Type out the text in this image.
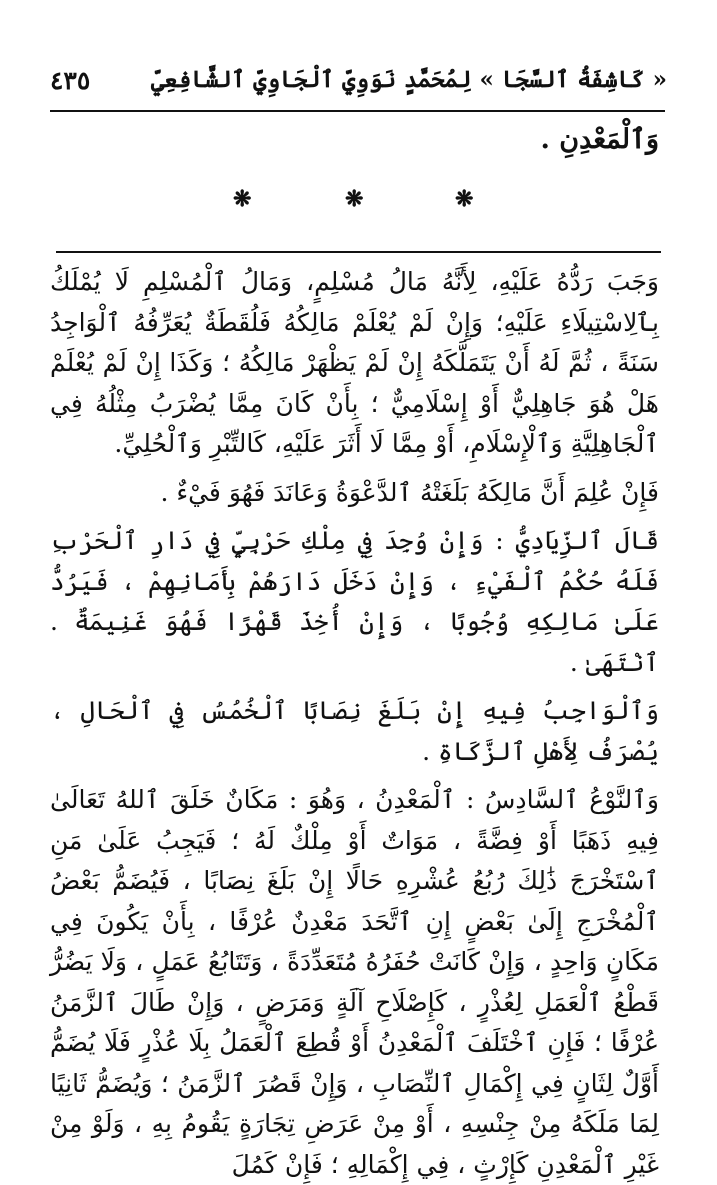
« كَاشِفَةُ ٱلسَّجَا » لِمُحَمَّدٍ نَوَوِيِّ ٱلْجَاوِيِّ ٱلشَّافِعِيِّ
٤٣٥
وَٱلْمَعْدِنِ .
❋	❋	❋

وَجَبَ رَدُّهُ عَلَيْهِ، لِأَنَّهُ مَالُ مُسْلِمٍ، وَمَالُ ٱلْمُسْلِمِ لَا يُمْلَكُ بِٱلِاسْتِيلَاءِ عَلَيْهِ؛ وَإِنْ لَمْ يُعْلَمْ مَالِكُهُ فَلُقَطَةٌ يُعَرِّفُهُ ٱلْوَاجِدُ سَنَةً ، ثُمَّ لَهُ أَنْ يَتَمَلَّكَهُ إِنْ لَمْ يَظْهَرْ مَالِكُهُ ؛ وَكَذَا إِنْ لَمْ يُعْلَمْ هَلْ هُوَ جَاهِلِيٌّ أَوْ إِسْلَامِيٌّ ؛ بِأَنْ كَانَ مِمَّا يُضْرَبُ مِثْلُهُ فِي ٱلْجَاهِلِيَّةِ وَٱلْإِسْلَامِ، أَوْ مِمَّا لَا أَثَرَ عَلَيْهِ، كَالتِّبْرِ وَٱلْحُلِيِّ.

فَإِنْ عُلِمَ أَنَّ مَالِكَهُ بَلَغَتْهُ ٱلدَّعْوَةُ وَعَانَدَ فَهُوَ فَيْءٌ .

قَالَ ٱلزِّيَادِيُّ : وَإِنْ وُجِدَ فِي مِلْكِ حَرْبِيٍّ فِي دَارِ ٱلْحَرْبِ فَلَهُ حُكْمُ ٱلْفَيْءِ ، وَإِنْ دَخَلَ دَارَهُمْ بِأَمَانِهِمْ ، فَيَرُدُّ عَلَىٰ مَالِكِهِ وُجُوبًا ، وَإِنْ أُخِذَ قَهْرًا فَهُوَ غَنِيمَةٌ . ٱنْتَهَىٰ .

وَٱلْوَاجِبُ فِيهِ إِنْ بَلَغَ نِصَابًا ٱلْخُمُسُ فِي ٱلْحَالِ ، يُصْرَفُ لِأَهْلِ ٱلزَّكَاةِ .

وَٱلنَّوْعُ ٱلسَّادِسُ : ٱلْمَعْدِنُ ، وَهُوَ : مَكَانٌ خَلَقَ ٱللهُ تَعَالَىٰ فِيهِ ذَهَبًا أَوْ فِضَّةً ، مَوَاتٌ أَوْ مِلْكٌ لَهُ ؛ فَيَجِبُ عَلَىٰ مَنِ ٱسْتَخْرَجَ ذَٰلِكَ رُبُعُ عُشْرِهِ حَالًا إِنْ بَلَغَ نِصَابًا ، فَيُضَمُّ بَعْضُ ٱلْمُخْرَجِ إِلَىٰ بَعْضٍ إِنِ ٱتَّحَدَ مَعْدِنٌ عُرْفًا ، بِأَنْ يَكُونَ فِي مَكَانٍ وَاحِدٍ ، وَإِنْ كَانَتْ حُفَرُهُ مُتَعَدِّدَةً ، وَتَتَابُعُ عَمَلٍ ، وَلَا يَضُرُّ قَطْعُ ٱلْعَمَلِ لِعُذْرٍ ، كَإِصْلَاحِ آلَةٍ وَمَرَضٍ ، وَإِنْ طَالَ ٱلزَّمَنُ عُرْفًا ؛ فَإِنِ ٱخْتَلَفَ ٱلْمَعْدِنُ أَوْ قُطِعَ ٱلْعَمَلُ بِلَا عُذْرٍ فَلَا يُضَمُّ أَوَّلٌ لِثَانٍ فِي إِكْمَالِ ٱلنِّصَابِ ، وَإِنْ قَصُرَ ٱلزَّمَنُ ؛ وَيُضَمُّ ثَانِيًا لِمَا مَلَكَهُ مِنْ جِنْسِهِ ، أَوْ مِنْ عَرَضِ تِجَارَةٍ يَقُومُ بِهِ ، وَلَوْ مِنْ غَيْرِ ٱلْمَعْدِنِ كَإِرْثٍ ، فِي إِكْمَالِهِ ؛ فَإِنْ كَمُلَ
